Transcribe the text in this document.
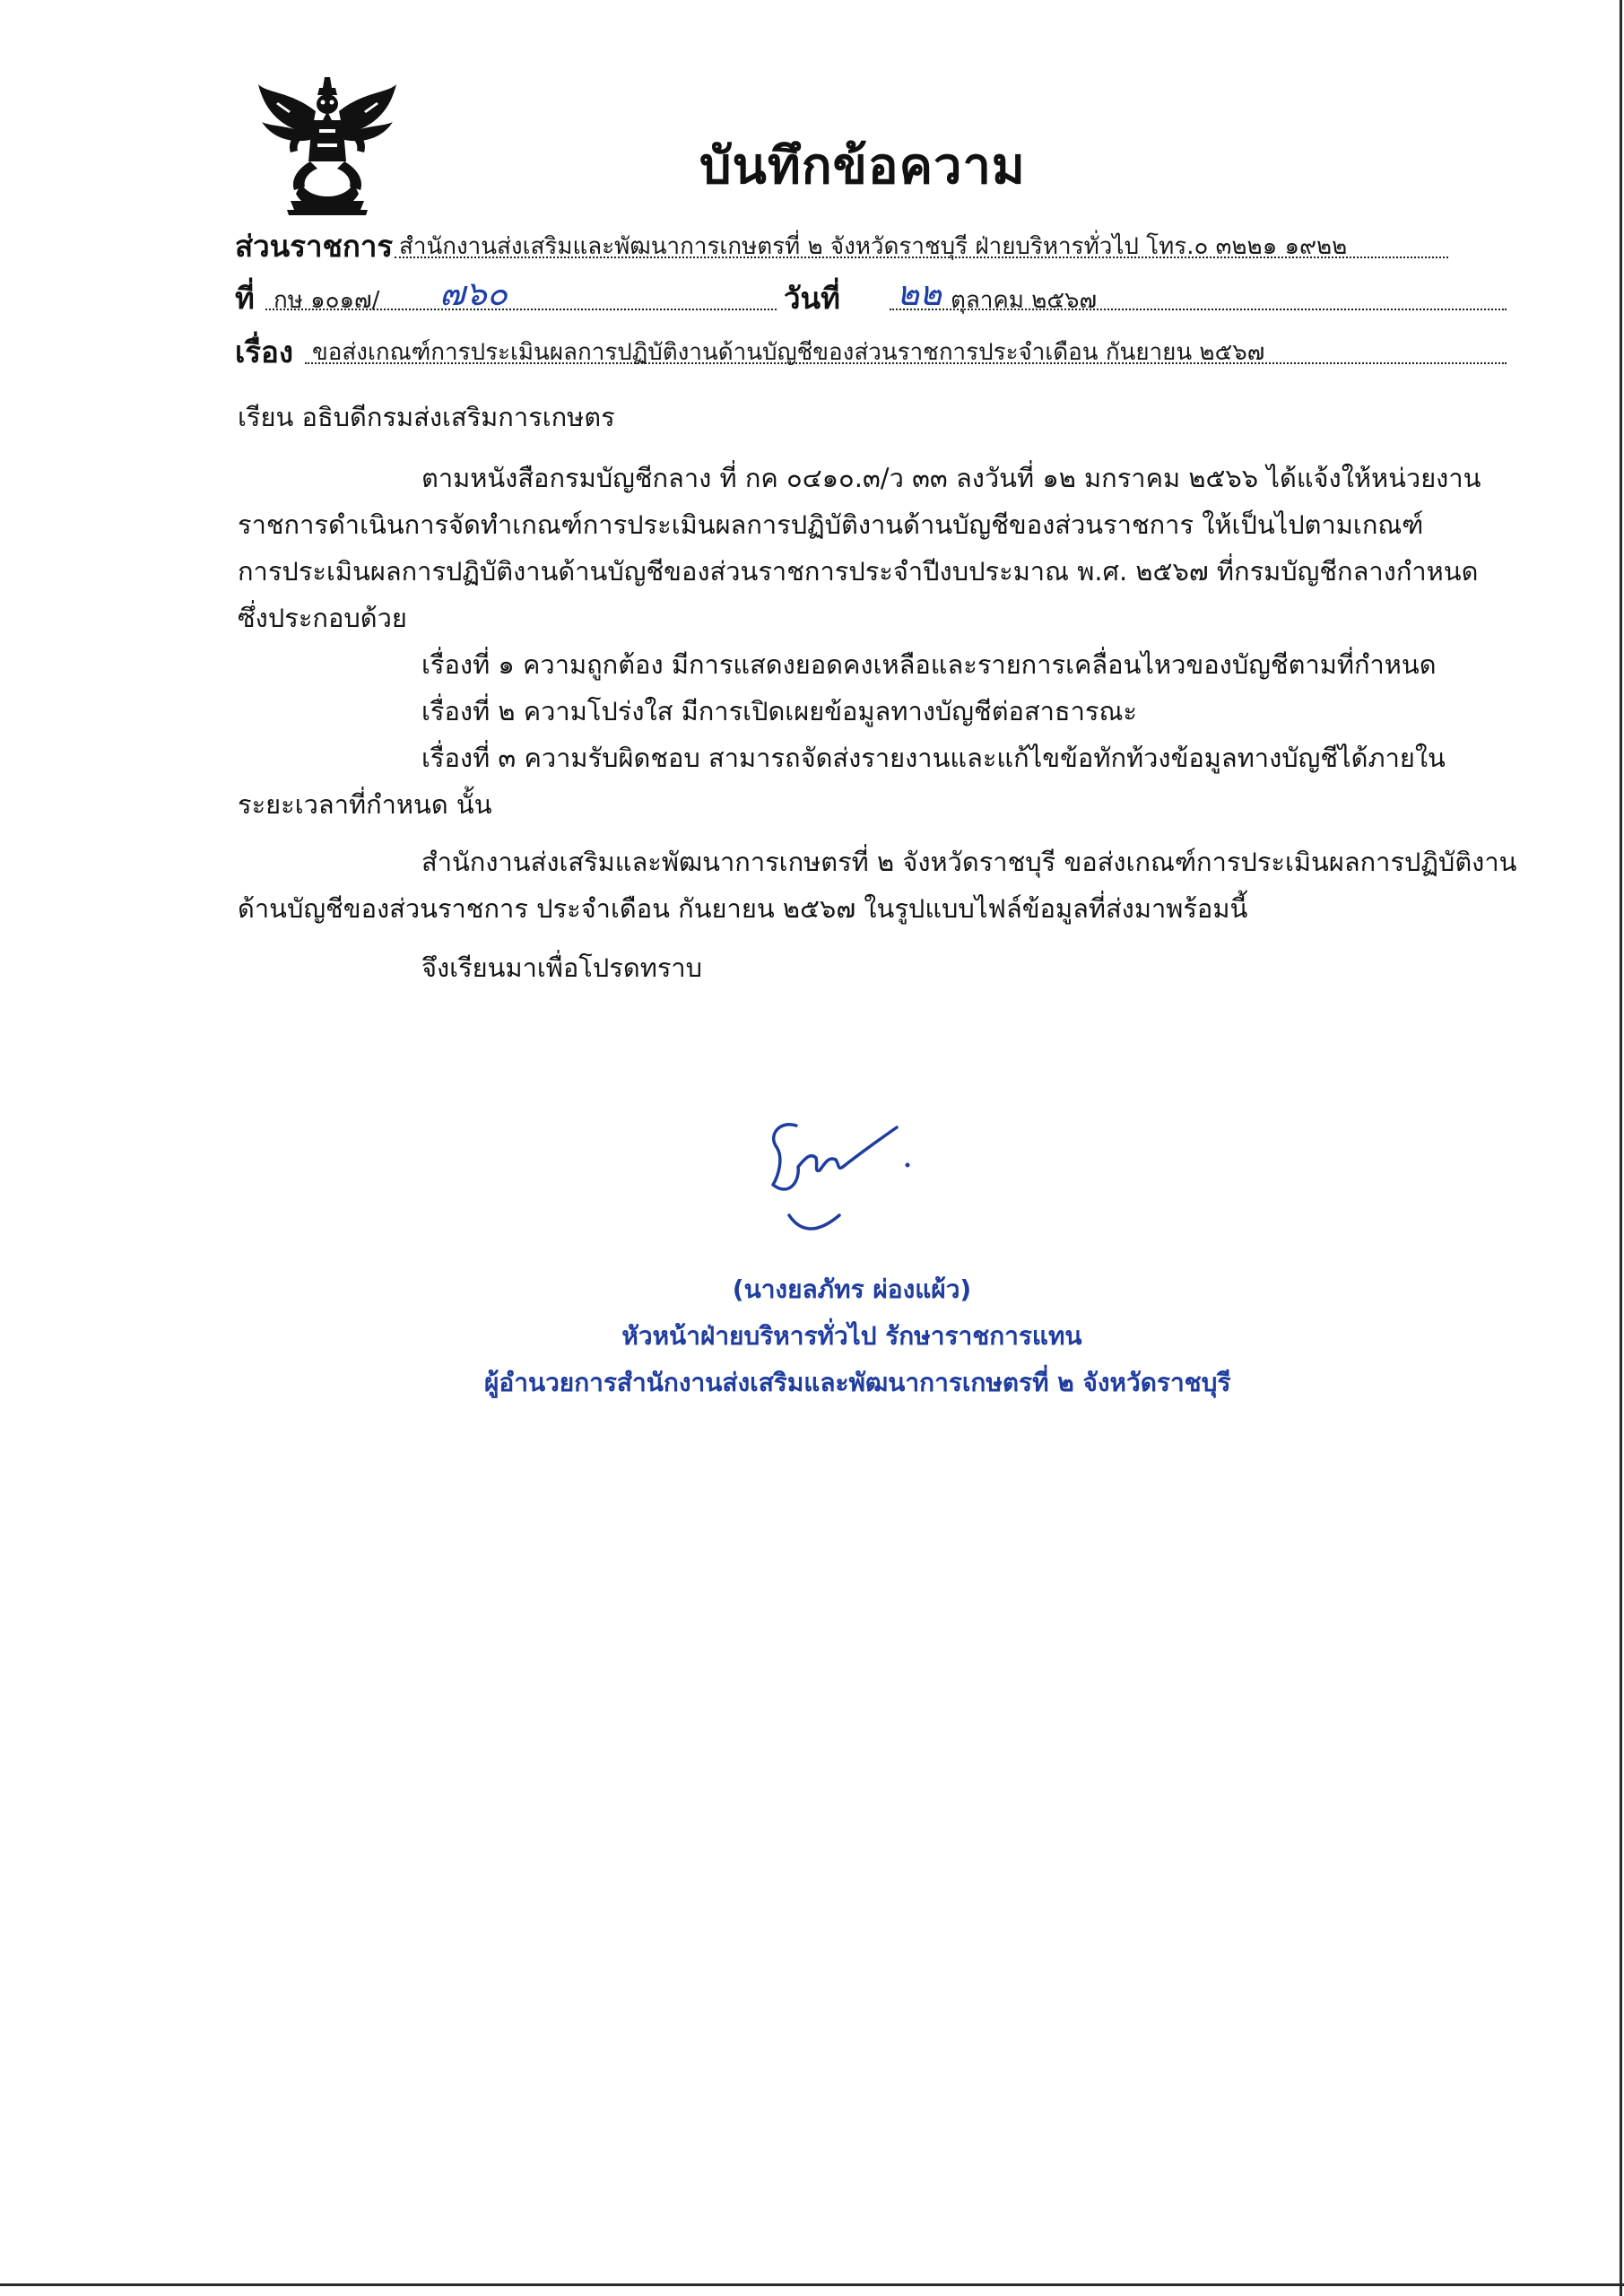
บันทึกข้อความ
ส่วนราชการ สำนักงานส่งเสริมและพัฒนาการเกษตรที่ ๒ จังหวัดราชบุรี ฝ่ายบริหารทั่วไป โทร.๐ ๓๒๒๑ ๑๙๒๒
ที่ กษ ๑๐๑๗/ ๗๖๐	วันที่ ๒๒ ตุลาคม ๒๕๖๗
เรื่อง ขอส่งเกณฑ์การประเมินผลการปฏิบัติงานด้านบัญชีของส่วนราชการประจำเดือน กันยายน ๒๕๖๗
เรียน อธิบดีกรมส่งเสริมการเกษตร
ตามหนังสือกรมบัญชีกลาง ที่ กค ๐๔๑๐.๓/ว ๓๓ ลงวันที่ ๑๒ มกราคม ๒๕๖๖ ได้แจ้งให้หน่วยงาน
ราชการดำเนินการจัดทำเกณฑ์การประเมินผลการปฏิบัติงานด้านบัญชีของส่วนราชการ ให้เป็นไปตามเกณฑ์
การประเมินผลการปฏิบัติงานด้านบัญชีของส่วนราชการประจำปีงบประมาณ พ.ศ. ๒๕๖๗ ที่กรมบัญชีกลางกำหนด
ซึ่งประกอบด้วย
เรื่องที่ ๑ ความถูกต้อง มีการแสดงยอดคงเหลือและรายการเคลื่อนไหวของบัญชีตามที่กำหนด
เรื่องที่ ๒ ความโปร่งใส มีการเปิดเผยข้อมูลทางบัญชีต่อสาธารณะ
เรื่องที่ ๓ ความรับผิดชอบ สามารถจัดส่งรายงานและแก้ไขข้อทักท้วงข้อมูลทางบัญชีได้ภายใน
ระยะเวลาที่กำหนด นั้น
สำนักงานส่งเสริมและพัฒนาการเกษตรที่ ๒ จังหวัดราชบุรี ขอส่งเกณฑ์การประเมินผลการปฏิบัติงาน
ด้านบัญชีของส่วนราชการ ประจำเดือน กันยายน ๒๕๖๗ ในรูปแบบไฟล์ข้อมูลที่ส่งมาพร้อมนี้
จึงเรียนมาเพื่อโปรดทราบ
(นางยลภัทร ผ่องแผ้ว)
หัวหน้าฝ่ายบริหารทั่วไป รักษาราชการแทน
ผู้อำนวยการสำนักงานส่งเสริมและพัฒนาการเกษตรที่ ๒ จังหวัดราชบุรี
